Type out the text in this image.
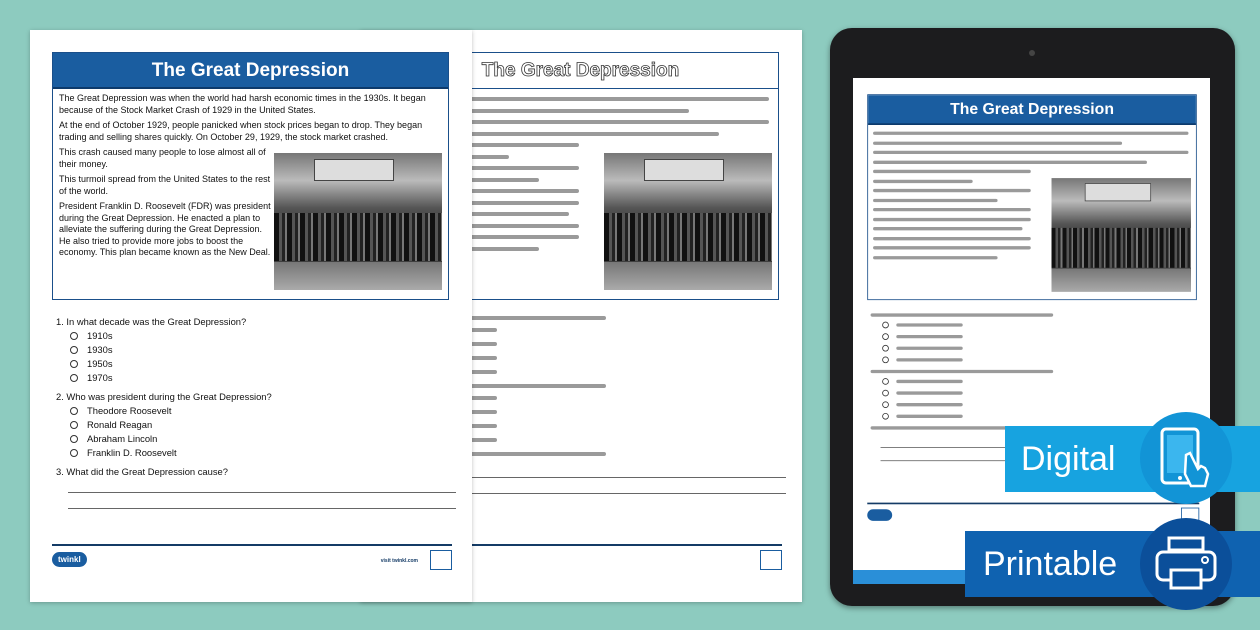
The Great Depression
The Great Depression

The Great Depression was when the world had harsh economic times in the 1930s. It began because of the Stock Market Crash of 1929 in the United States.

At the end of October 1929, people panicked when stock prices began to drop. They began trading and selling shares quickly. On October 29, 1929, the stock market crashed.

This crash caused many people to lose almost all of their money.

This turmoil spread from the United States to the rest of the world.

President Franklin D. Roosevelt (FDR) was president during the Great Depression. He enacted a plan to alleviate the suffering during the Great Depression. He also tried to provide more jobs to boost the economy. This plan became known as the New Deal.

1. In what decade was the Great Depression?
1910s
1930s
1950s
1970s
2. Who was president during the Great Depression?
Theodore Roosevelt
Ronald Reagan
Abraham Lincoln
Franklin D. Roosevelt
3. What did the Great Depression cause?
twinkl	visit twinkl.com
The Great Depression
Digital
Printable
